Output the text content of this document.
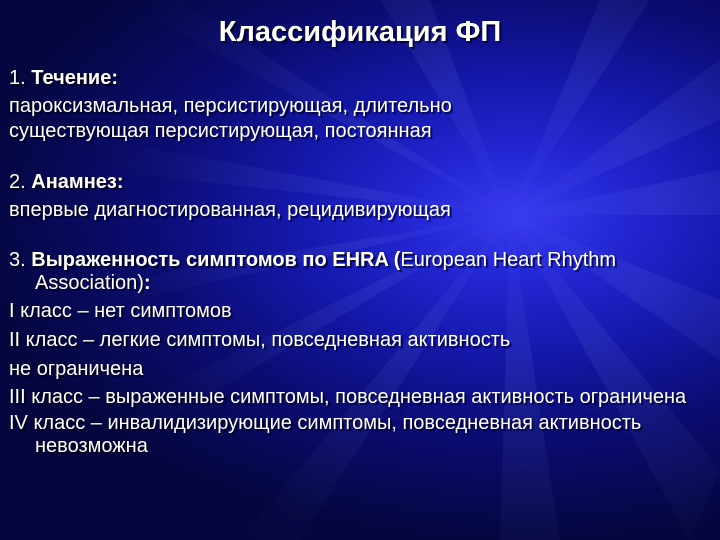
Классификация ФП
1. Течение:
пароксизмальная, персистирующая, длительно
существующая персистирующая, постоянная
2. Анамнез:
впервые диагностированная, рецидивирующая
3. Выраженность симптомов по EHRA (European Heart Rhythm Association):
I класс – нет симптомов
II класс – легкие симптомы, повседневная активность
не ограничена
III класс – выраженные симптомы, повседневная активность ограничена
IV класс – инвалидизирующие симптомы, повседневная активность невозможна
